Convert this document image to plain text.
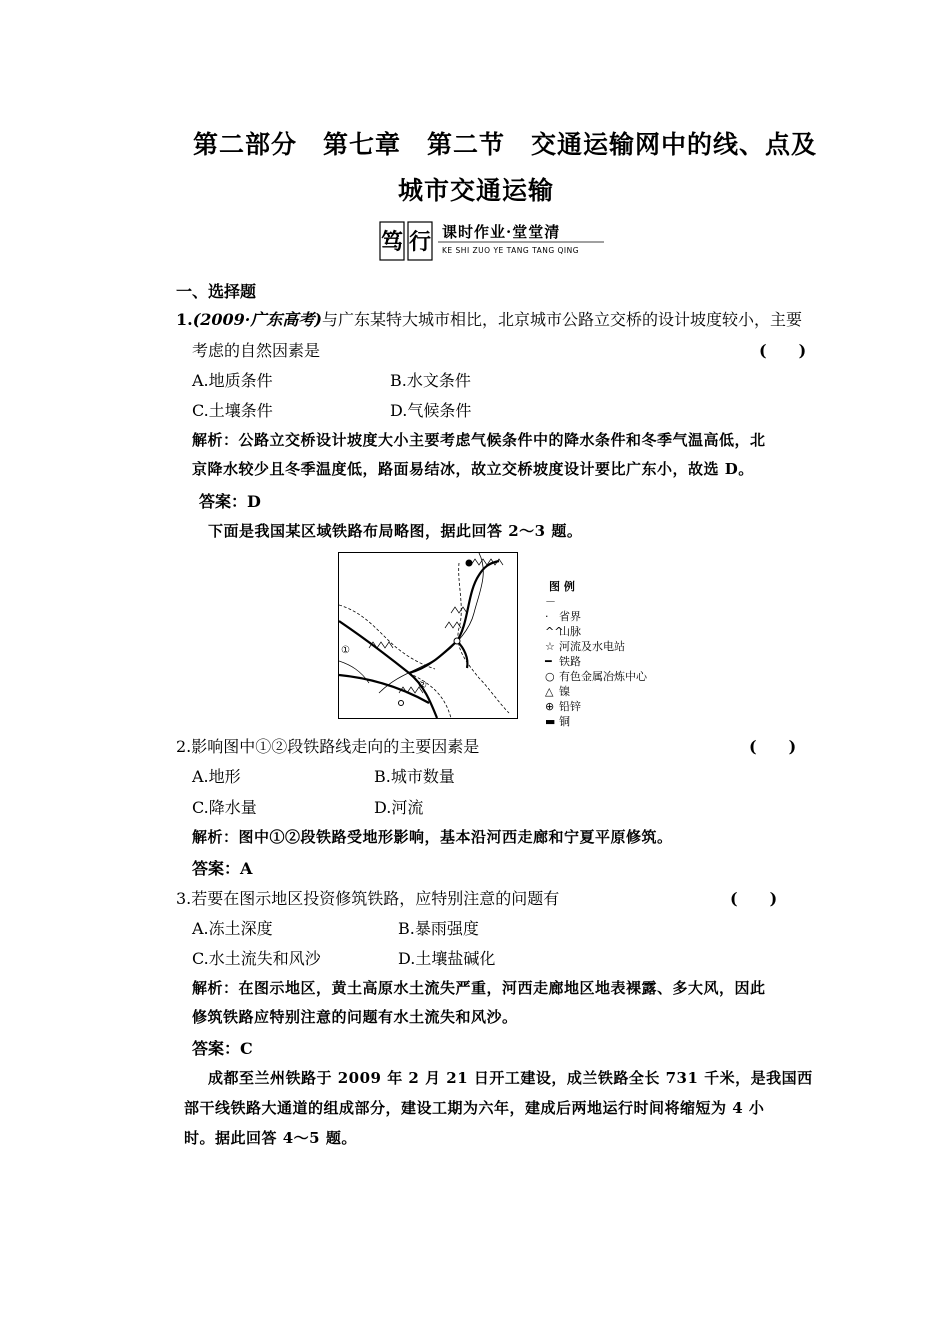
第二部分　第七章　第二节　交通运输网中的线、点及
城市交通运输
笃行 课时作业·堂堂清
KE SHI ZUO YE TANG TANG QING
一、选择题
1.(2009·广东高考)与广东某特大城市相比，北京城市公路立交桥的设计坡度较小，主要
考虑的自然因素是	(　　)
A.地质条件	B.水文条件
C.土壤条件	D.气候条件
解析：公路立交桥设计坡度大小主要考虑气候条件中的降水条件和冬季气温高低，北
京降水较少且冬季温度低，路面易结冰，故立交桥坡度设计要比广东小，故选 D。
答案：D
下面是我国某区域铁路布局略图，据此回答 2～3 题。
①
②
图 例
－· 省界
^^山脉
☆ 河流及水电站
━ 铁路
○ 有色金属冶炼中心
△ 镍
⊕ 铅锌
▬ 铜
2.影响图中①②段铁路线走向的主要因素是	(　　)
A.地形	B.城市数量
C.降水量	D.河流
解析：图中①②段铁路受地形影响，基本沿河西走廊和宁夏平原修筑。
答案：A
3.若要在图示地区投资修筑铁路，应特别注意的问题有	(　　)
A.冻土深度	B.暴雨强度
C.水土流失和风沙	D.土壤盐碱化
解析：在图示地区，黄土高原水土流失严重，河西走廊地区地表裸露、多大风，因此
修筑铁路应特别注意的问题有水土流失和风沙。
答案：C
成都至兰州铁路于 2009 年 2 月 21 日开工建设，成兰铁路全长 731 千米，是我国西
部干线铁路大通道的组成部分，建设工期为六年，建成后两地运行时间将缩短为 4 小
时。据此回答 4～5 题。
